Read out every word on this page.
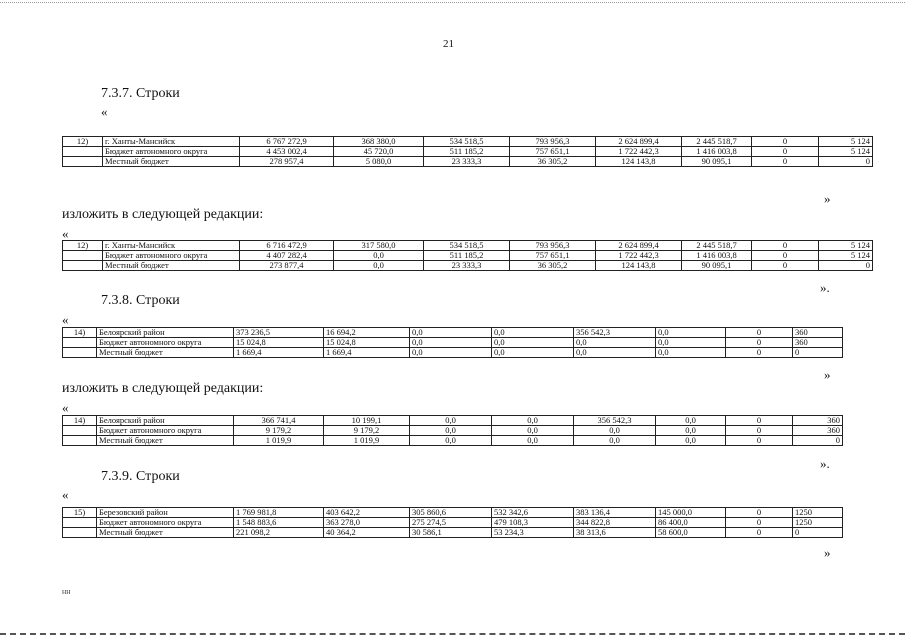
21
7.3.7. Строки
«
12)	г. Ханты-Мансийск	6 767 272,9	368 380,0	534 518,5	793 956,3	2 624 899,4	2 445 518,7	0	5 124
	Бюджет автономного округа	4 453 002,4	45 720,0	511 185,2	757 651,1	1 722 442,3	1 416 003,8	0	5 124
	Местный бюджет	278 957,4	5 080,0	23 333,3	36 305,2	124 143,8	90 095,1	0	0
»
изложить в следующей редакции:
«
12)	г. Ханты-Мансийск	6 716 472,9	317 580,0	534 518,5	793 956,3	2 624 899,4	2 445 518,7	0	5 124
	Бюджет автономного округа	4 407 282,4	0,0	511 185,2	757 651,1	1 722 442,3	1 416 003,8	0	5 124
	Местный бюджет	273 877,4	0,0	23 333,3	36 305,2	124 143,8	90 095,1	0	0
».
7.3.8. Строки
«
14)	Белоярский район	373 236,5	16 694,2	0,0	0,0	356 542,3	0,0	0	360
	Бюджет автономного округа	15 024,8	15 024,8	0,0	0,0	0,0	0,0	0	360
	Местный бюджет	1 669,4	1 669,4	0,0	0,0	0,0	0,0	0	0
»
изложить в следующей редакции:
«
14)	Белоярский район	366 741,4	10 199,1	0,0	0,0	356 542,3	0,0	0	360
	Бюджет автономного округа	9 179,2	9 179,2	0,0	0,0	0,0	0,0	0	360
	Местный бюджет	1 019,9	1 019,9	0,0	0,0	0,0	0,0	0	0
».
7.3.9. Строки
«
15)	Березовский район	1 769 981,8	403 642,2	305 860,6	532 342,6	383 136,4	145 000,0	0	1250
	Бюджет автономного округа	1 548 883,6	363 278,0	275 274,5	479 108,3	344 822,8	86 400,0	0	1250
	Местный бюджет	221 098,2	40 364,2	30 586,1	53 234,3	38 313,6	58 600,0	0	0
»
нн
